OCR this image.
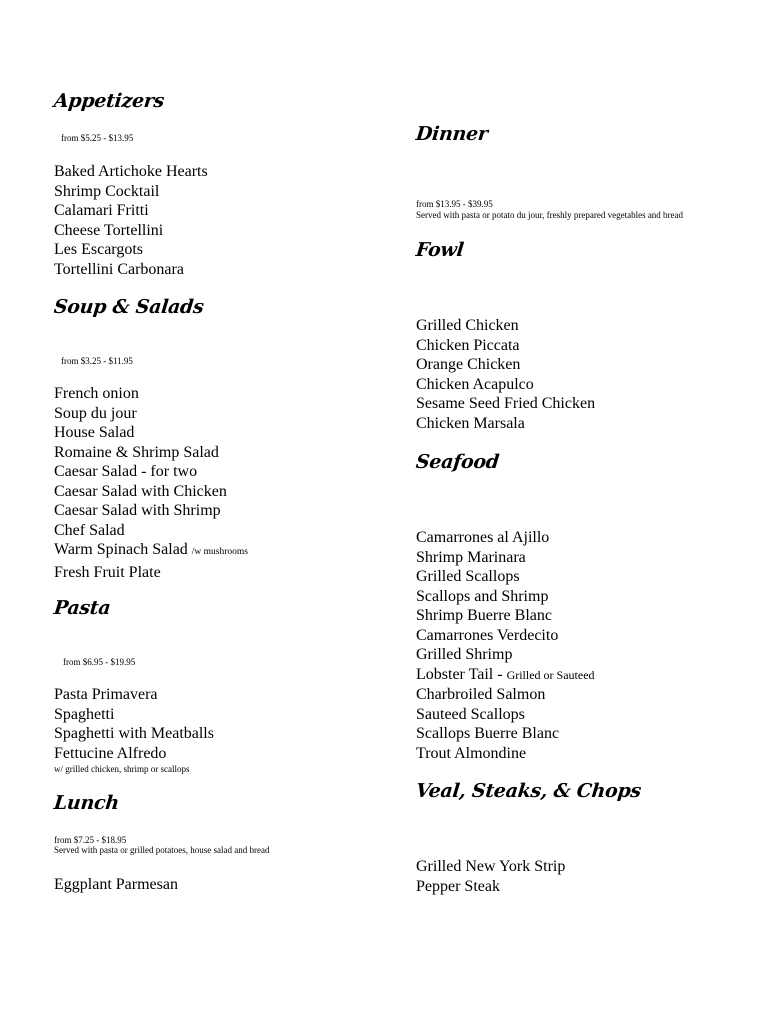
Appetizers
from $5.25 - $13.95
Baked Artichoke Hearts
Shrimp Cocktail
Calamari Fritti
Cheese Tortellini
Les Escargots
Tortellini Carbonara
Soup & Salads
from $3.25 - $11.95
French onion
Soup du jour
House Salad
Romaine & Shrimp Salad
Caesar Salad - for two
Caesar Salad with Chicken
Caesar Salad with Shrimp
Chef Salad
Warm Spinach Salad /w mushrooms
Fresh Fruit Plate
Pasta
from $6.95 - $19.95
Pasta Primavera
Spaghetti
Spaghetti with Meatballs
Fettucine Alfredo
w/ grilled chicken, shrimp or scallops
Lunch
from $7.25 - $18.95
Served with pasta or grilled potatoes, house salad and bread
Eggplant Parmesan
Dinner
from $13.95 - $39.95
Served with pasta or potato du jour, freshly prepared vegetables and bread
Fowl
Grilled Chicken
Chicken Piccata
Orange Chicken
Chicken Acapulco
Sesame Seed Fried Chicken
Chicken Marsala
Seafood
Camarrones al Ajillo
Shrimp Marinara
Grilled Scallops
Scallops and Shrimp
Shrimp Buerre Blanc
Camarrones Verdecito
Grilled Shrimp
Lobster Tail - Grilled or Sauteed
Charbroiled Salmon
Sauteed Scallops
Scallops Buerre Blanc
Trout Almondine
Veal, Steaks, & Chops
Grilled New York Strip
Pepper Steak
